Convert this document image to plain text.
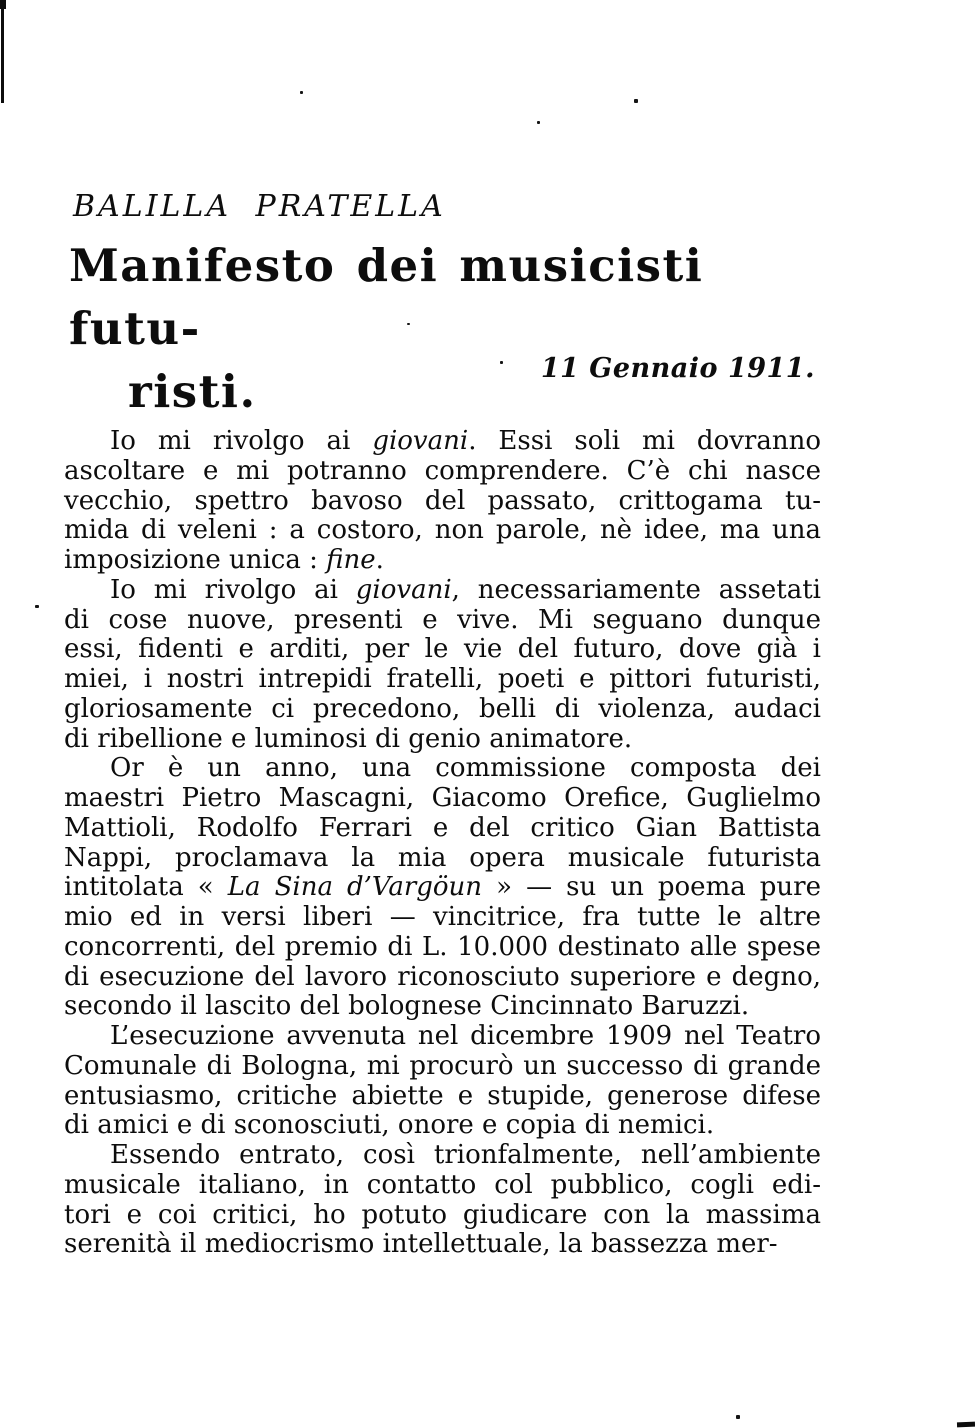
BALILLA PRATELLA
Manifesto dei musicisti futu-
risti.	11 Gennaio 1911.
Io mi rivolgo ai giovani. Essi soli mi dovranno
ascoltare e mi potranno comprendere. C’è chi nasce
vecchio, spettro bavoso del passato, crittogama tu-
mida di veleni : a costoro, non parole, nè idee, ma una
imposizione unica : fine.
Io mi rivolgo ai giovani, necessariamente assetati
di cose nuove, presenti e vive. Mi seguano dunque
essi, fidenti e arditi, per le vie del futuro, dove già i
miei, i nostri intrepidi fratelli, poeti e pittori futuristi,
gloriosamente ci precedono, belli di violenza, audaci
di ribellione e luminosi di genio animatore.
Or è un anno, una commissione composta dei
maestri Pietro Mascagni, Giacomo Orefice, Guglielmo
Mattioli, Rodolfo Ferrari e del critico Gian Battista
Nappi, proclamava la mia opera musicale futurista
intitolata « La Sina d’Vargöun » — su un poema pure
mio ed in versi liberi — vincitrice, fra tutte le altre
concorrenti, del premio di L. 10.000 destinato alle spese
di esecuzione del lavoro riconosciuto superiore e degno,
secondo il lascito del bolognese Cincinnato Baruzzi.
L’esecuzione avvenuta nel dicembre 1909 nel Teatro
Comunale di Bologna, mi procurò un successo di grande
entusiasmo, critiche abiette e stupide, generose difese
di amici e di sconosciuti, onore e copia di nemici.
Essendo entrato, così trionfalmente, nell’ambiente
musicale italiano, in contatto col pubblico, cogli edi-
tori e coi critici, ho potuto giudicare con la massima
serenità il mediocrismo intellettuale, la bassezza mer-
